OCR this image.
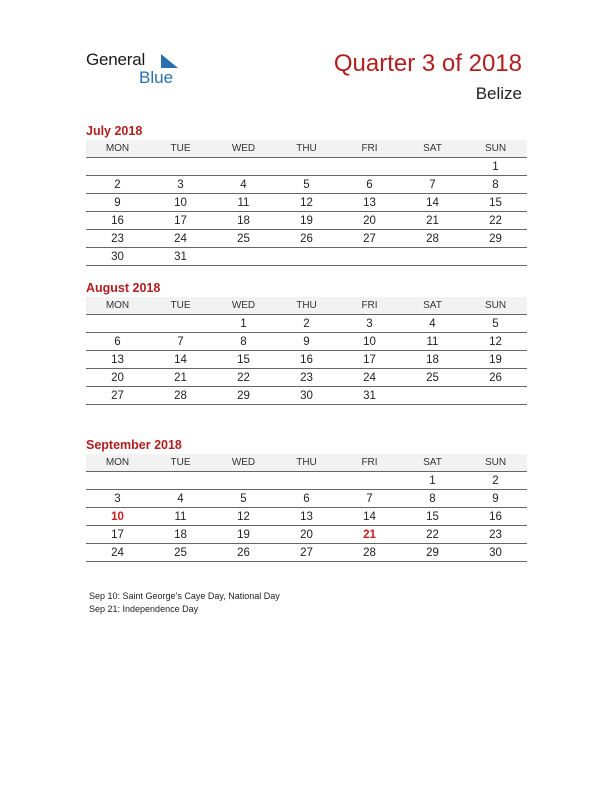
General
Blue
Quarter 3 of 2018
Belize
July 2018
MON	TUE	WED	THU	FRI	SAT	SUN
						1
2	3	4	5	6	7	8
9	10	11	12	13	14	15
16	17	18	19	20	21	22
23	24	25	26	27	28	29
30	31					
August 2018
MON	TUE	WED	THU	FRI	SAT	SUN
		1	2	3	4	5
6	7	8	9	10	11	12
13	14	15	16	17	18	19
20	21	22	23	24	25	26
27	28	29	30	31		
September 2018
MON	TUE	WED	THU	FRI	SAT	SUN
					1	2
3	4	5	6	7	8	9
10	11	12	13	14	15	16
17	18	19	20	21	22	23
24	25	26	27	28	29	30
Sep 10: Saint George’s Caye Day, National Day
Sep 21: Independence Day
